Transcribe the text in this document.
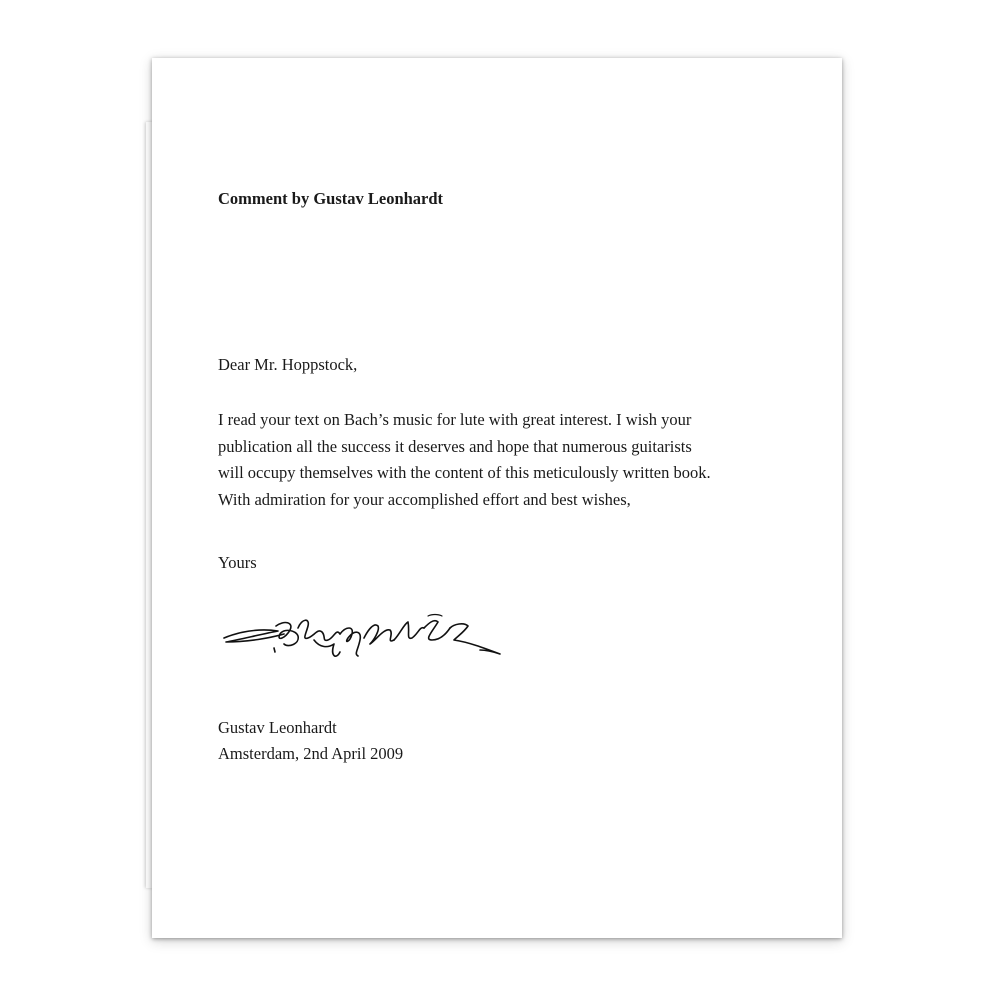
Comment by Gustav Leonhardt

Dear Mr. Hoppstock,

I read your text on Bach’s music for lute with great interest. I wish your
publication all the success it deserves and hope that numerous guitarists
will occupy themselves with the content of this meticulously written book.
With admiration for your accomplished effort and best wishes,

Yours

Gustav Leonhardt
Amsterdam, 2nd April 2009
